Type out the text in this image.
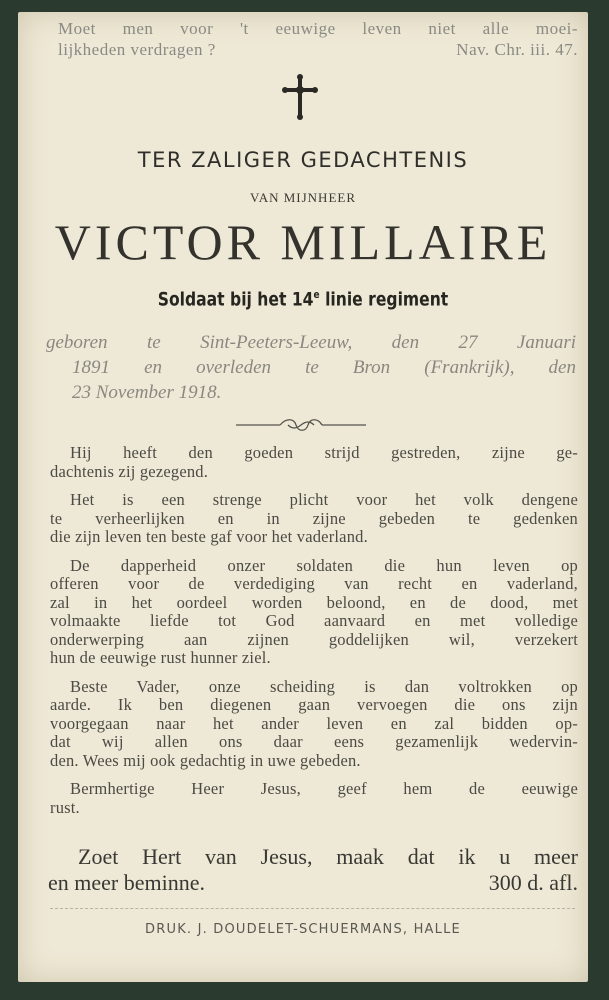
Moet men voor 't eeuwige leven niet alle moei-
lijkheden verdragen ?	Nav. Chr. iii. 47.
TER ZALIGER GEDACHTENIS
VAN MIJNHEER
VICTOR MILLAIRE
Soldaat bij het 14e linie regiment
geboren te Sint-Peeters-Leeuw, den 27 Januari
1891 en overleden te Bron (Frankrijk), den
23 November 1918.
Hij heeft den goeden strijd gestreden, zijne ge-
dachtenis zij gezegend.
Het is een strenge plicht voor het volk dengene
te verheerlijken en in zijne gebeden te gedenken
die zijn leven ten beste gaf voor het vaderland.
De dapperheid onzer soldaten die hun leven op
offeren voor de verdediging van recht en vaderland,
zal in het oordeel worden beloond, en de dood, met
volmaakte liefde tot God aanvaard en met volledige
onderwerping aan zijnen goddelijken wil, verzekert
hun de eeuwige rust hunner ziel.
Beste Vader, onze scheiding is dan voltrokken op
aarde. Ik ben diegenen gaan vervoegen die ons zijn
voorgegaan naar het ander leven en zal bidden op-
dat wij allen ons daar eens gezamenlijk wedervin-
den. Wees mij ook gedachtig in uwe gebeden.
Bermhertige Heer Jesus, geef hem de eeuwige
rust.
Zoet Hert van Jesus, maak dat ik u meer
en meer beminne.	300 d. afl.
DRUK. J. DOUDELET-SCHUERMANS, HALLE
